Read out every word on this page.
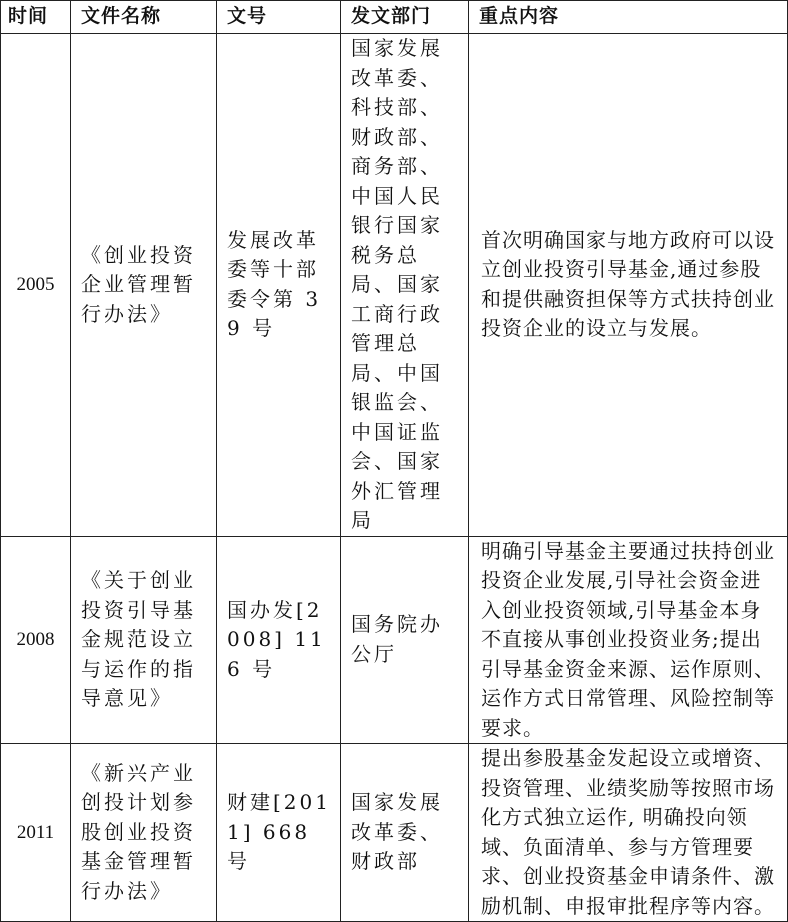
时间	文件名称	文号	发文部门	重点内容
2005	《创业投资企业管理暂行办法》	发展改革委等十部委令第 39 号	国家发展改革委、科技部、财政部、商务部、中国人民银行国家税务总局、国家工商行政管理总局、中国银监会、中国证监会、国家外汇管理局	首次明确国家与地方政府可以设立创业投资引导基金,通过参股和提供融资担保等方式扶持创业投资企业的设立与发展。
2008	《关于创业投资引导基金规范设立与运作的指导意见》	国办发[2008] 116 号	国务院办公厅	明确引导基金主要通过扶持创业投资企业发展,引导社会资金进入创业投资领域,引导基金本身不直接从事创业投资业务;提出引导基金资金来源、运作原则、运作方式日常管理、风险控制等要求。
2011	《新兴产业创投计划参股创业投资基金管理暂行办法》	财建[2011] 668 号	国家发展改革委、财政部	提出参股基金发起设立或增资、投资管理、业绩奖励等按照市场化方式独立运作, 明确投向领域、负面清单、参与方管理要求、创业投资基金申请条件、激励机制、申报审批程序等内容。
